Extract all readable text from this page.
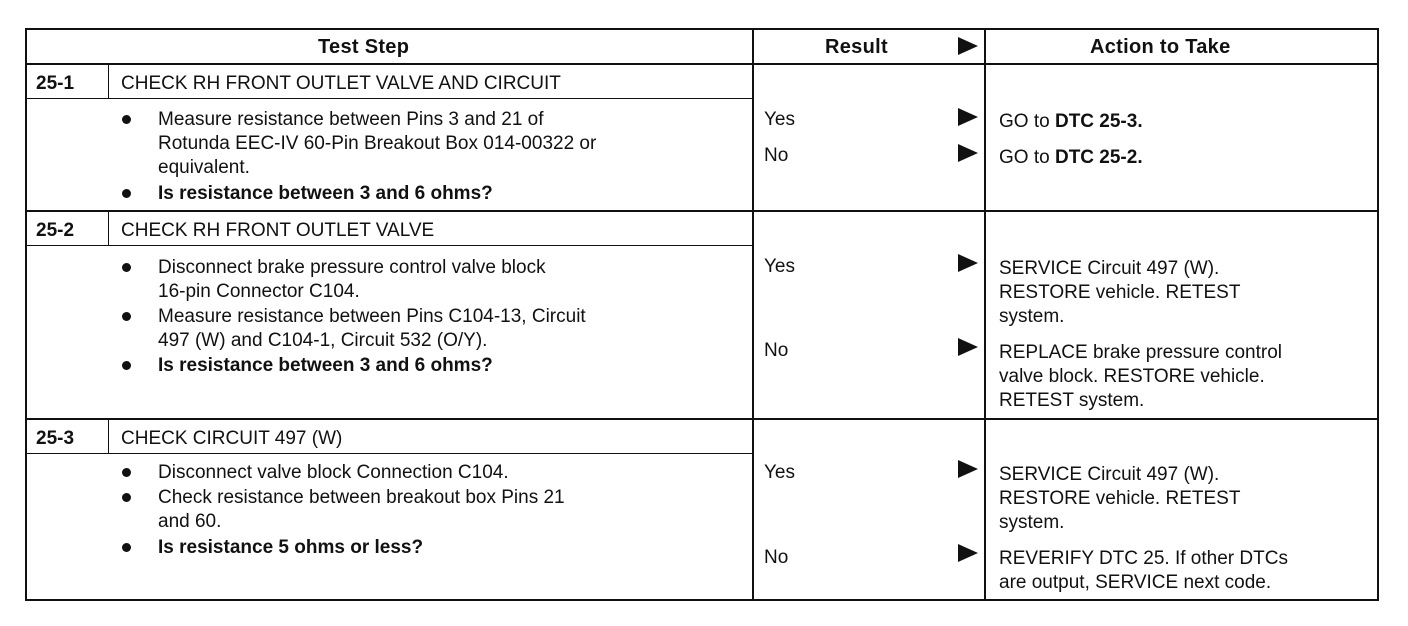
Test Step	Result	Action to Take
25-1 CHECK RH FRONT OUTLET VALVE AND CIRCUIT
Measure resistance between Pins 3 and 21 of
Rotunda EEC-IV 60-Pin Breakout Box 014-00322 or
equivalent.
Is resistance between 3 and 6 ohms?
Yes	GO to DTC 25-3.
No	GO to DTC 25-2.
25-2 CHECK RH FRONT OUTLET VALVE
Disconnect brake pressure control valve block
16-pin Connector C104.
Measure resistance between Pins C104-13, Circuit
497 (W) and C104-1, Circuit 532 (O/Y).
Is resistance between 3 and 6 ohms?
Yes	SERVICE Circuit 497 (W).
RESTORE vehicle. RETEST
system.
No	REPLACE brake pressure control
valve block. RESTORE vehicle.
RETEST system.
25-3 CHECK CIRCUIT 497 (W)
Disconnect valve block Connection C104.
Check resistance between breakout box Pins 21
and 60.
Is resistance 5 ohms or less?
Yes	SERVICE Circuit 497 (W).
RESTORE vehicle. RETEST
system.
No	REVERIFY DTC 25. If other DTCs
are output, SERVICE next code.
